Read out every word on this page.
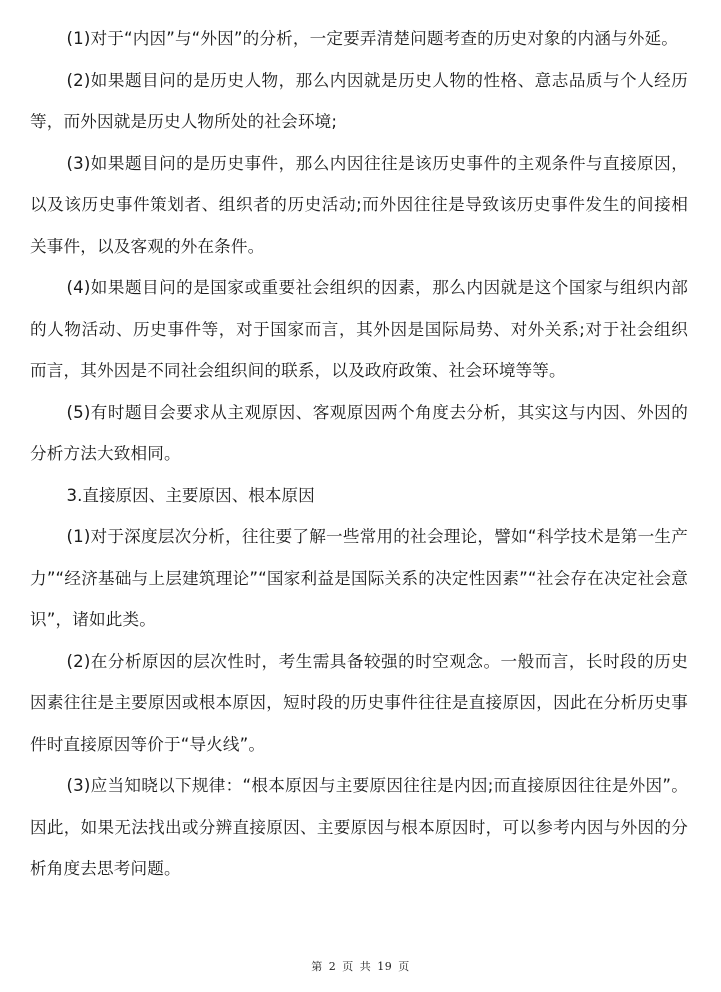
(1)对于“内因”与“外因”的分析，一定要弄清楚问题考查的历史对象的内涵与外延。

(2)如果题目问的是历史人物，那么内因就是历史人物的性格、意志品质与个人经历等，而外因就是历史人物所处的社会环境;

(3)如果题目问的是历史事件，那么内因往往是该历史事件的主观条件与直接原因，以及该历史事件策划者、组织者的历史活动;而外因往往是导致该历史事件发生的间接相关事件，以及客观的外在条件。

(4)如果题目问的是国家或重要社会组织的因素，那么内因就是这个国家与组织内部的人物活动、历史事件等，对于国家而言，其外因是国际局势、对外关系;对于社会组织而言，其外因是不同社会组织间的联系，以及政府政策、社会环境等等。

(5)有时题目会要求从主观原因、客观原因两个角度去分析，其实这与内因、外因的分析方法大致相同。

3.直接原因、主要原因、根本原因

(1)对于深度层次分析，往往要了解一些常用的社会理论，譬如“科学技术是第一生产力”“经济基础与上层建筑理论”“国家利益是国际关系的决定性因素”“社会存在决定社会意识”，诸如此类。

(2)在分析原因的层次性时，考生需具备较强的时空观念。一般而言，长时段的历史因素往往是主要原因或根本原因，短时段的历史事件往往是直接原因，因此在分析历史事件时直接原因等价于“导火线”。

(3)应当知晓以下规律：“根本原因与主要原因往往是内因;而直接原因往往是外因”。因此，如果无法找出或分辨直接原因、主要原因与根本原因时，可以参考内因与外因的分析角度去思考问题。

第 2 页 共 19 页
